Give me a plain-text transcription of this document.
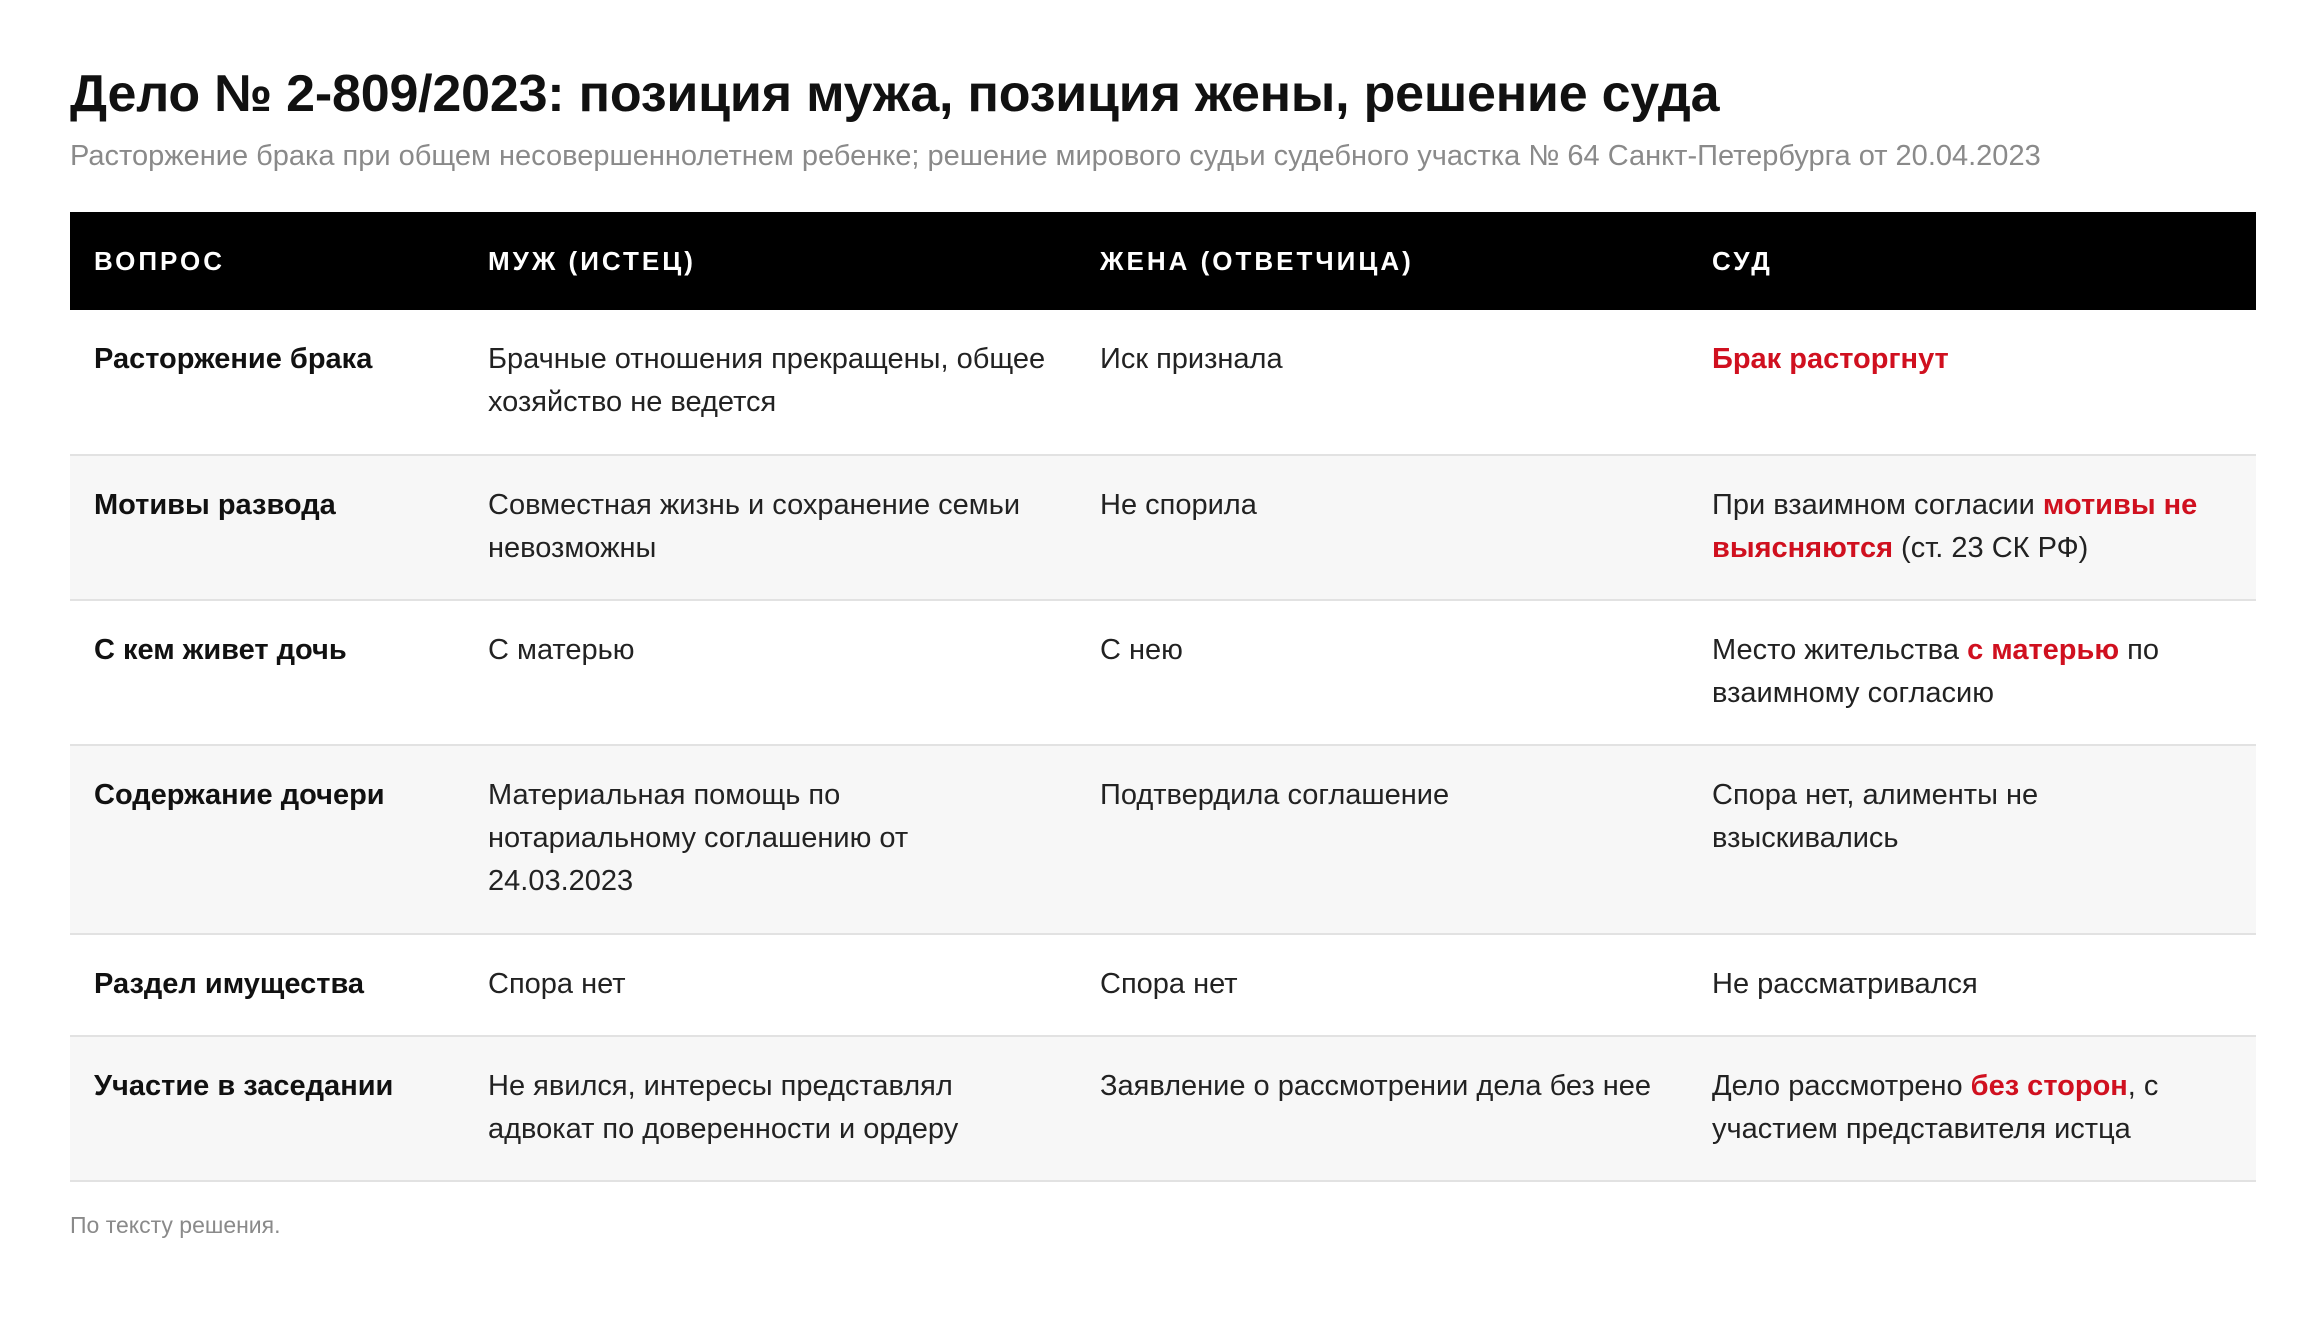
Дело № 2-809/2023: позиция мужа, позиция жены, решение суда
Расторжение брака при общем несовершеннолетнем ребенке; решение мирового судьи судебного участка № 64 Санкт-Петербурга от 20.04.2023
ВОПРОС	МУЖ (ИСТЕЦ)	ЖЕНА (ОТВЕТЧИЦА)	СУД
Расторжение брака	Брачные отношения прекращены, общее хозяйство не ведется	Иск признала	Брак расторгнут
Мотивы развода	Совместная жизнь и сохранение семьи невозможны	Не спорила	При взаимном согласии мотивы не выясняются (ст. 23 СК РФ)
С кем живет дочь	С матерью	С нею	Место жительства с матерью по взаимному согласию
Содержание дочери	Материальная помощь по нотариальному соглашению от 24.03.2023	Подтвердила соглашение	Спора нет, алименты не взыскивались
Раздел имущества	Спора нет	Спора нет	Не рассматривался
Участие в заседании	Не явился, интересы представлял адвокат по доверенности и ордеру	Заявление о рассмотрении дела без нее	Дело рассмотрено без сторон, с участием представителя истца
По тексту решения.
